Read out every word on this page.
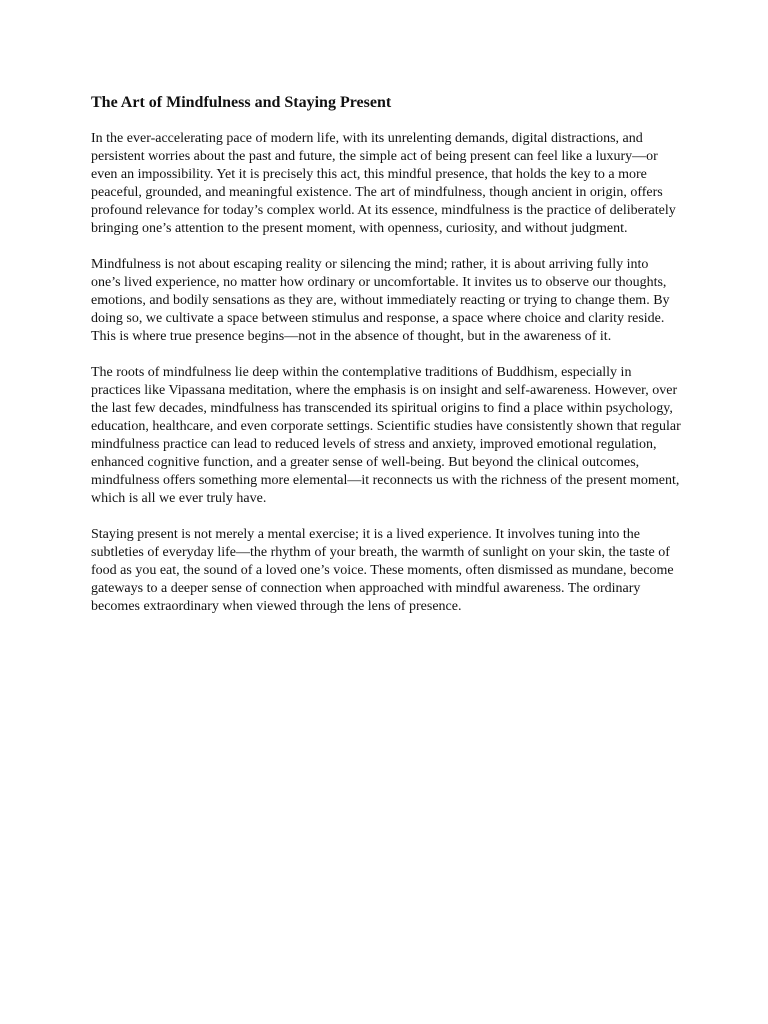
The Art of Mindfulness and Staying Present

In the ever-accelerating pace of modern life, with its unrelenting demands, digital distractions, and persistent worries about the past and future, the simple act of being present can feel like a luxury—or even an impossibility. Yet it is precisely this act, this mindful presence, that holds the key to a more peaceful, grounded, and meaningful existence. The art of mindfulness, though ancient in origin, offers profound relevance for today’s complex world. At its essence, mindfulness is the practice of deliberately bringing one’s attention to the present moment, with openness, curiosity, and without judgment.

Mindfulness is not about escaping reality or silencing the mind; rather, it is about arriving fully into one’s lived experience, no matter how ordinary or uncomfortable. It invites us to observe our thoughts, emotions, and bodily sensations as they are, without immediately reacting or trying to change them. By doing so, we cultivate a space between stimulus and response, a space where choice and clarity reside. This is where true presence begins—not in the absence of thought, but in the awareness of it.

The roots of mindfulness lie deep within the contemplative traditions of Buddhism, especially in practices like Vipassana meditation, where the emphasis is on insight and self-awareness. However, over the last few decades, mindfulness has transcended its spiritual origins to find a place within psychology, education, healthcare, and even corporate settings. Scientific studies have consistently shown that regular mindfulness practice can lead to reduced levels of stress and anxiety, improved emotional regulation, enhanced cognitive function, and a greater sense of well-being. But beyond the clinical outcomes, mindfulness offers something more elemental—it reconnects us with the richness of the present moment, which is all we ever truly have.

Staying present is not merely a mental exercise; it is a lived experience. It involves tuning into the subtleties of everyday life—the rhythm of your breath, the warmth of sunlight on your skin, the taste of food as you eat, the sound of a loved one’s voice. These moments, often dismissed as mundane, become gateways to a deeper sense of connection when approached with mindful awareness. The ordinary becomes extraordinary when viewed through the lens of presence.
